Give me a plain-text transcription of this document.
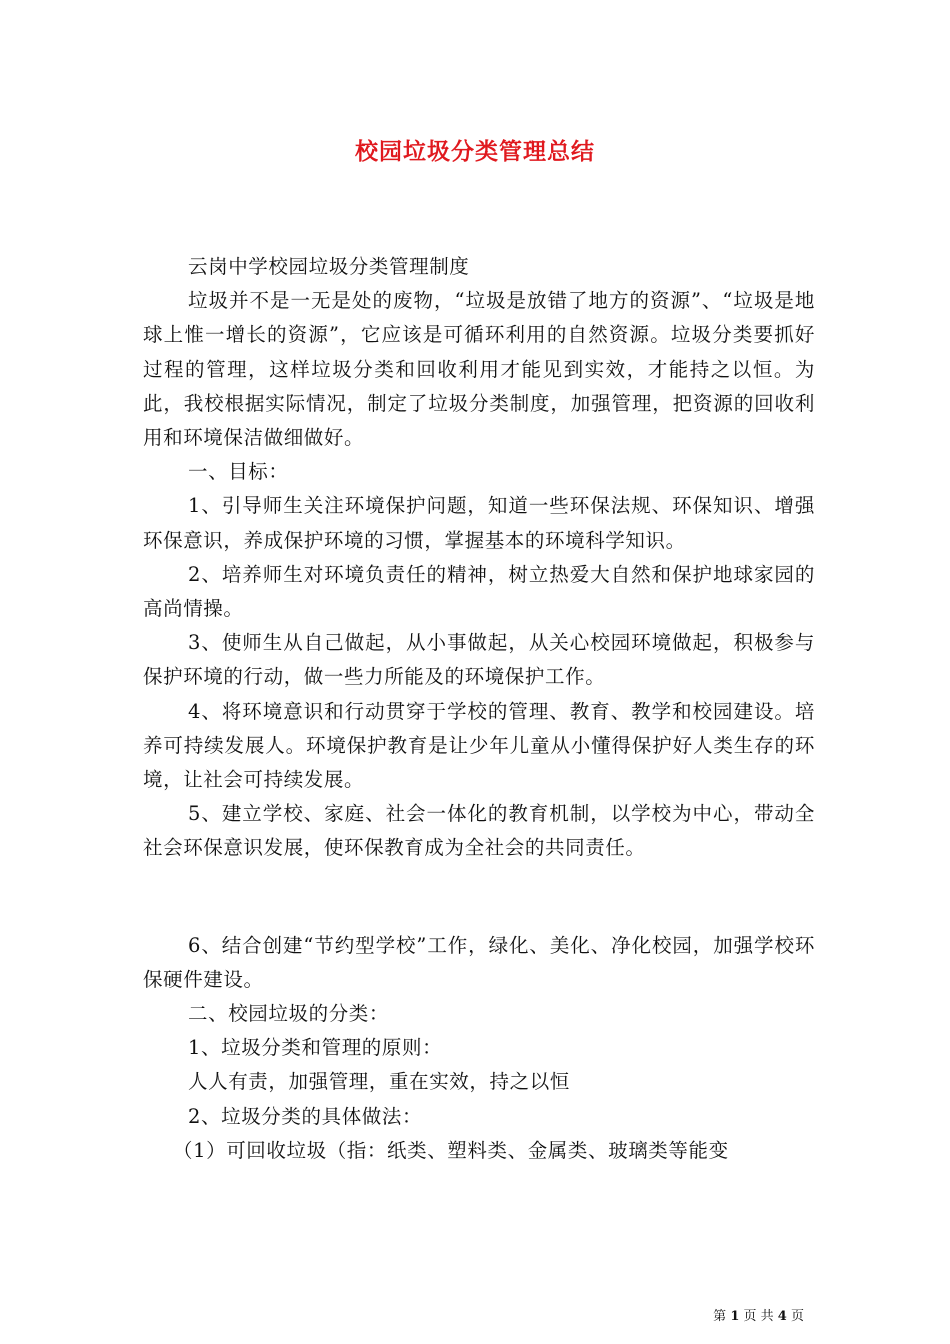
校园垃圾分类管理总结

云岗中学校园垃圾分类管理制度

垃圾并不是一无是处的废物，“垃圾是放错了地方的资源”、“垃圾是地球上惟一增长的资源”，它应该是可循环利用的自然资源。垃圾分类要抓好过程的管理，这样垃圾分类和回收利用才能见到实效，才能持之以恒。为此，我校根据实际情况，制定了垃圾分类制度，加强管理，把资源的回收利用和环境保洁做细做好。

一、目标：

1、引导师生关注环境保护问题，知道一些环保法规、环保知识、增强环保意识，养成保护环境的习惯，掌握基本的环境科学知识。

2、培养师生对环境负责任的精神，树立热爱大自然和保护地球家园的高尚情操。

3、使师生从自己做起，从小事做起，从关心校园环境做起，积极参与保护环境的行动，做一些力所能及的环境保护工作。

4、将环境意识和行动贯穿于学校的管理、教育、教学和校园建设。培养可持续发展人。环境保护教育是让少年儿童从小懂得保护好人类生存的环境，让社会可持续发展。

5、建立学校、家庭、社会一体化的教育机制，以学校为中心，带动全社会环保意识发展，使环保教育成为全社会的共同责任。

6、结合创建“节约型学校”工作，绿化、美化、净化校园，加强学校环保硬件建设。

二、校园垃圾的分类：

1、垃圾分类和管理的原则：

人人有责，加强管理，重在实效，持之以恒

2、垃圾分类的具体做法：

（1）可回收垃圾（指：纸类、塑料类、金属类、玻璃类等能变

第 1 页 共 4 页
